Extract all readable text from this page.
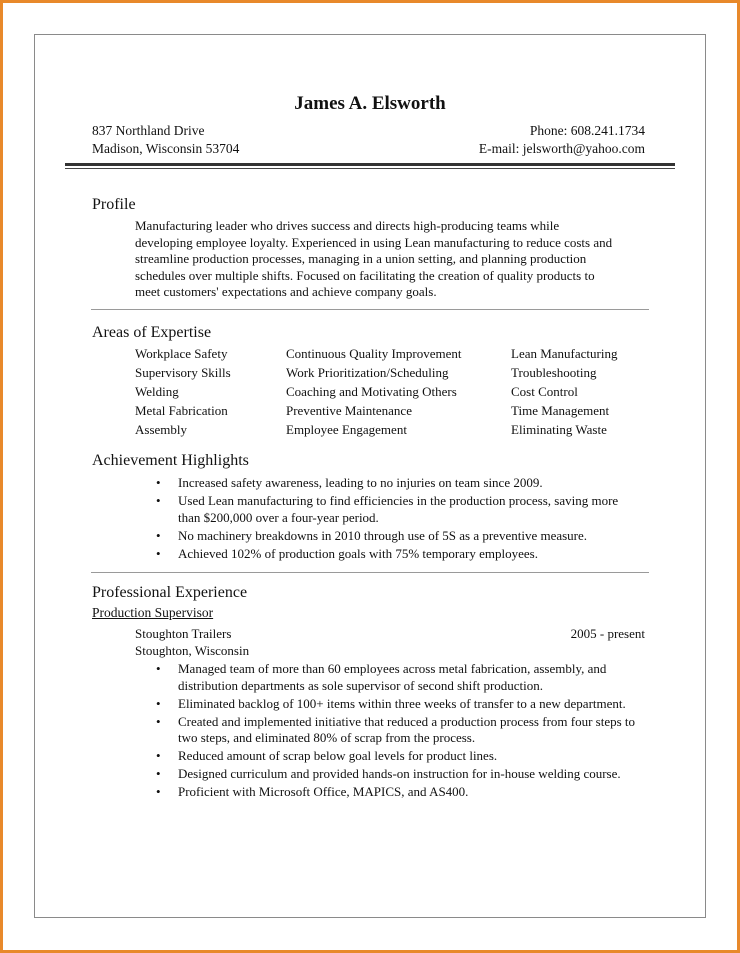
James A. Elsworth
837 Northland Drive
Madison, Wisconsin 53704
Phone: 608.241.1734
E-mail: jelsworth@yahoo.com
Profile
Manufacturing leader who drives success and directs high-producing teams while developing employee loyalty. Experienced in using Lean manufacturing to reduce costs and streamline production processes, managing in a union setting, and planning production schedules over multiple shifts. Focused on facilitating the creation of quality products to meet customers' expectations and achieve company goals.
Areas of Expertise
Workplace Safety
Supervisory Skills
Welding
Metal Fabrication
Assembly
Continuous Quality Improvement
Work Prioritization/Scheduling
Coaching and Motivating Others
Preventive Maintenance
Employee Engagement
Lean Manufacturing
Troubleshooting
Cost Control
Time Management
Eliminating Waste
Achievement Highlights
• Increased safety awareness, leading to no injuries on team since 2009.
• Used Lean manufacturing to find efficiencies in the production process, saving more than $200,000 over a four-year period.
• No machinery breakdowns in 2010 through use of 5S as a preventive measure.
• Achieved 102% of production goals with 75% temporary employees.
Professional Experience
Production Supervisor
Stoughton Trailers
Stoughton, Wisconsin
2005 - present
• Managed team of more than 60 employees across metal fabrication, assembly, and distribution departments as sole supervisor of second shift production.
• Eliminated backlog of 100+ items within three weeks of transfer to a new department.
• Created and implemented initiative that reduced a production process from four steps to two steps, and eliminated 80% of scrap from the process.
• Reduced amount of scrap below goal levels for product lines.
• Designed curriculum and provided hands-on instruction for in-house welding course.
• Proficient with Microsoft Office, MAPICS, and AS400.
